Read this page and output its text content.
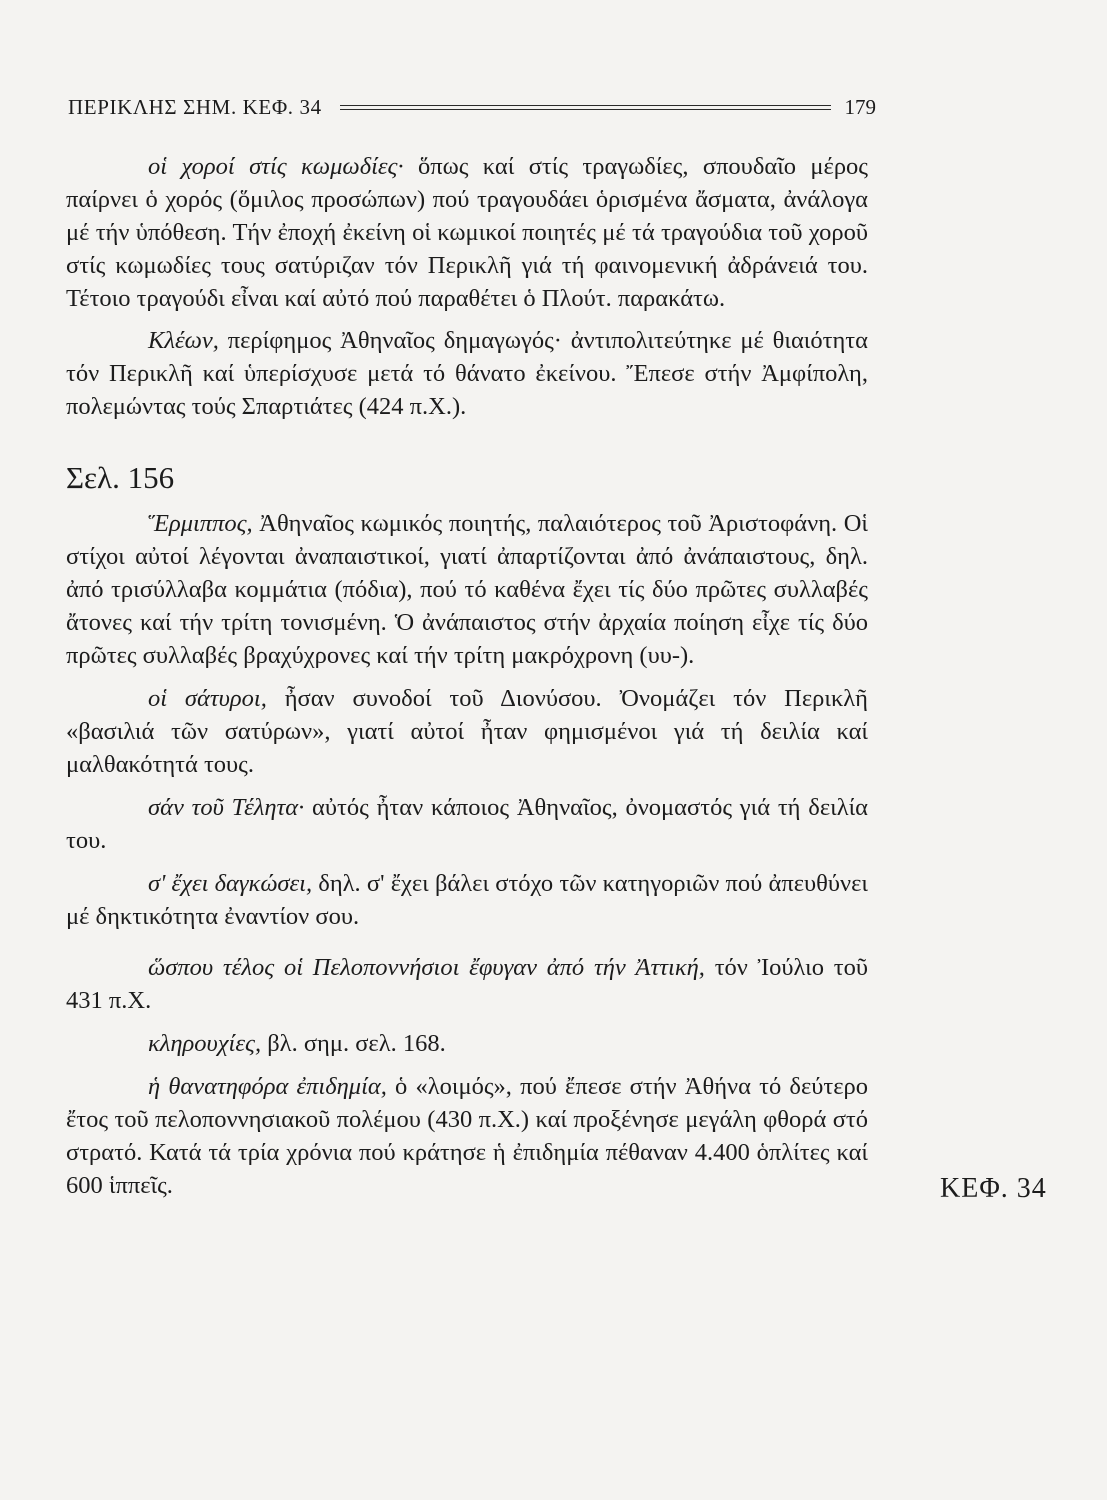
ΠΕΡΙΚΛΗΣ ΣΗΜ. ΚΕΦ. 34	179

οἱ χοροί στίς κωμωδίες· ὅπως καί στίς τραγωδίες, σπουδαῖο μέρος παίρνει ὁ χορός (ὅμιλος προσώπων) πού τραγουδάει ὁρισμένα ἄσματα, ἀνάλογα μέ τήν ὑπόθεση. Τήν ἐποχή ἐκείνη οἱ κωμικοί ποιητές μέ τά τραγούδια τοῦ χοροῦ στίς κωμωδίες τους σατύριζαν τόν Περικλῆ γιά τή φαινομενική ἀδράνειά του. Τέτοιο τραγούδι εἶναι καί αὐτό πού παραθέτει ὁ Πλούτ. παρακάτω.

Κλέων, περίφημος Ἀθηναῖος δημαγωγός· ἀντιπολιτεύτηκε μέ θιαιότητα τόν Περικλῆ καί ὑπερίσχυσε μετά τό θάνατο ἐκείνου. Ἔπεσε στήν Ἀμφίπολη, πολεμώντας τούς Σπαρτιάτες (424 π.Χ.).

Σελ. 156

Ἕρμιππος, Ἀθηναῖος κωμικός ποιητής, παλαιότερος τοῦ Ἀριστοφάνη. Οἱ στίχοι αὐτοί λέγονται ἀναπαιστικοί, γιατί ἀπαρτίζονται ἀπό ἀνάπαιστους, δηλ. ἀπό τρισύλλαβα κομμάτια (πόδια), πού τό καθένα ἔχει τίς δύο πρῶτες συλλαβές ἄτονες καί τήν τρίτη τονισμένη. Ὁ ἀνάπαιστος στήν ἀρχαία ποίηση εἶχε τίς δύο πρῶτες συλλαβές βραχύχρονες καί τήν τρίτη μακρόχρονη (υυ-).

οἱ σάτυροι, ἦσαν συνοδοί τοῦ Διονύσου. Ὀνομάζει τόν Περικλῆ «βασιλιά τῶν σατύρων», γιατί αὐτοί ἦταν φημισμένοι γιά τή δειλία καί μαλθακότητά τους.

σάν τοῦ Τέλητα· αὐτός ἦταν κάποιος Ἀθηναῖος, ὀνομαστός γιά τή δειλία του.

σ' ἔχει δαγκώσει, δηλ. σ' ἔχει βάλει στόχο τῶν κατηγοριῶν πού ἀπευθύνει μέ δηκτικότητα ἐναντίον σου.

ὥσπου τέλος οἱ Πελοποννήσιοι ἔφυγαν ἀπό τήν Ἀττική, τόν Ἰούλιο τοῦ 431 π.Χ.

κληρουχίες, βλ. σημ. σελ. 168.

ἡ θανατηφόρα ἐπιδημία, ὁ «λοιμός», πού ἔπεσε στήν Ἀθήνα τό δεύτερο ἔτος τοῦ πελοποννησιακοῦ πολέμου (430 π.Χ.) καί προξένησε μεγάλη φθορά στό στρατό. Κατά τά τρία χρόνια πού κράτησε ἡ ἐπιδημία πέθαναν 4.400 ὁπλίτες καί 600 ἱππεῖς.	ΚΕΦ. 34
